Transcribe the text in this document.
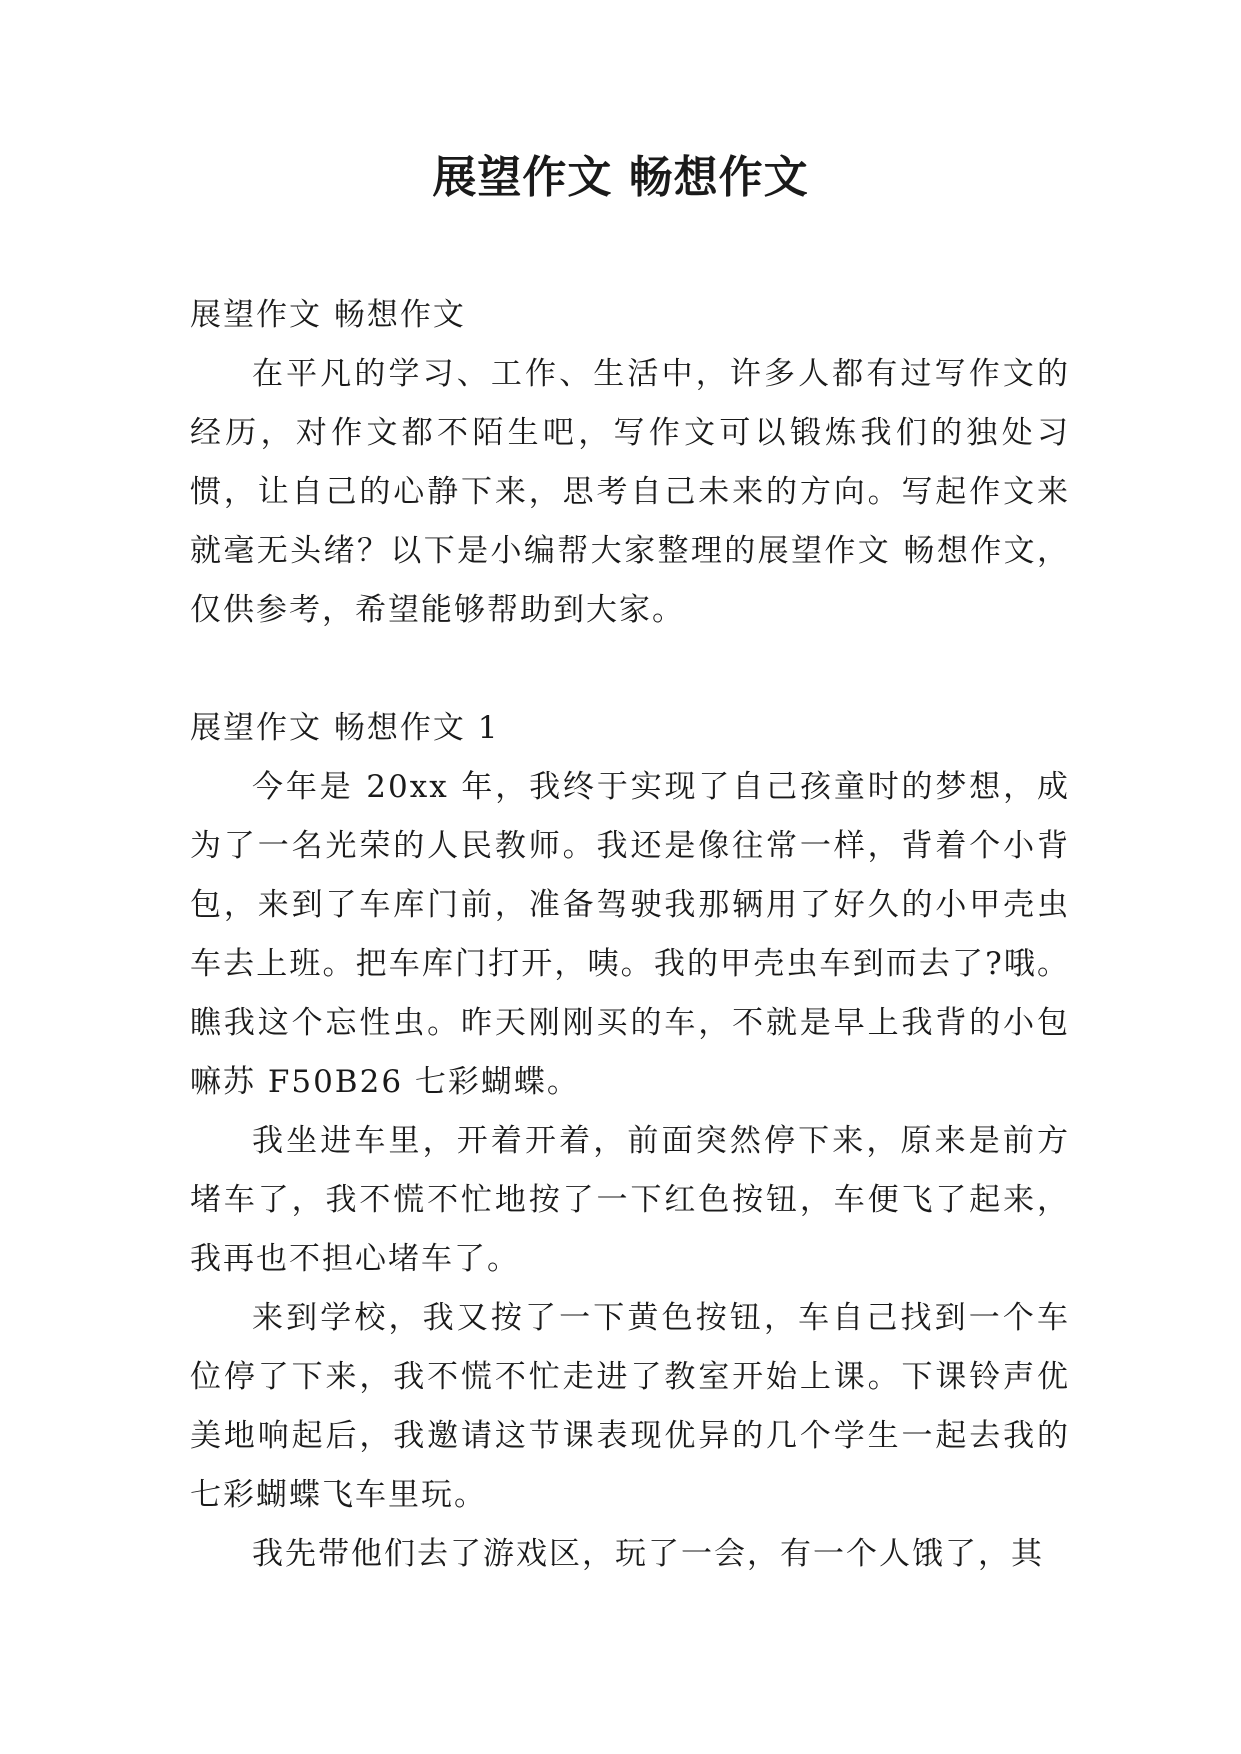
展望作文 畅想作文

展望作文 畅想作文

在平凡的学习、工作、生活中，许多人都有过写作文的经历，对作文都不陌生吧，写作文可以锻炼我们的独处习惯，让自己的心静下来，思考自己未来的方向。写起作文来就毫无头绪？以下是小编帮大家整理的展望作文 畅想作文，仅供参考，希望能够帮助到大家。

展望作文 畅想作文 1

今年是 20xx 年，我终于实现了自己孩童时的梦想，成为了一名光荣的人民教师。我还是像往常一样，背着个小背包，来到了车库门前，准备驾驶我那辆用了好久的小甲壳虫车去上班。把车库门打开，咦。我的甲壳虫车到而去了?哦。瞧我这个忘性虫。昨天刚刚买的车，不就是早上我背的小包嘛苏 F50B26 七彩蝴蝶。

我坐进车里，开着开着，前面突然停下来，原来是前方堵车了，我不慌不忙地按了一下红色按钮，车便飞了起来，我再也不担心堵车了。

来到学校，我又按了一下黄色按钮，车自己找到一个车位停了下来，我不慌不忙走进了教室开始上课。下课铃声优美地响起后，我邀请这节课表现优异的几个学生一起去我的七彩蝴蝶飞车里玩。

我先带他们去了游戏区，玩了一会，有一个人饿了，其
